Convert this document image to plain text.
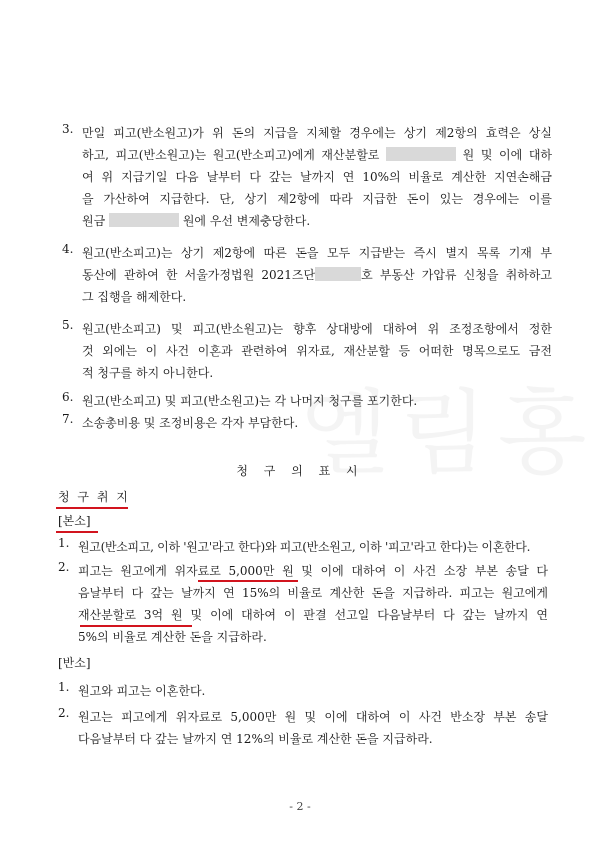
3. 만일 피고(반소원고)가 위 돈의 지급을 지체할 경우에는 상기 제2항의 효력은 상실
하고, 피고(반소원고)는 원고(반소피고)에게 재산분할로	원 및 이에 대하
여 위 지급기일 다음 날부터 다 갚는 날까지 연 10%의 비율로 계산한 지연손해금
을 가산하여 지급한다. 단, 상기 제2항에 따라 지급한 돈이 있는 경우에는 이를
원금	원에 우선 변제충당한다.
4. 원고(반소피고)는 상기 제2항에 따른 돈을 모두 지급받는 즉시 별지 목록 기재 부
동산에 관하여 한 서울가정법원 2021즈단	호 부동산 가압류 신청을 취하하고
그 집행을 해제한다.
5. 원고(반소피고) 및 피고(반소원고)는 향후 상대방에 대하여 위 조정조항에서 정한
것 외에는 이 사건 이혼과 관련하여 위자료, 재산분할 등 어떠한 명목으로도 금전
적 청구를 하지 아니한다.
6. 원고(반소피고) 및 피고(반소원고)는 각 나머지 청구를 포기한다.
7. 소송총비용 및 조정비용은 각자 부담한다.
청 구 의 표 시
청 구 취 지
[본소]
1. 원고(반소피고, 이하 '원고'라고 한다)와 피고(반소원고, 이하 '피고'라고 한다)는 이혼한다.
2. 피고는 원고에게 위자료로 5,000만 원 및 이에 대하여 이 사건 소장 부본 송달 다
음날부터 다 갚는 날까지 연 15%의 비율로 계산한 돈을 지급하라. 피고는 원고에게
재산분할로 3억 원 및 이에 대하여 이 판결 선고일 다음날부터 다 갚는 날까지 연
5%의 비율로 계산한 돈을 지급하라.
[반소]
1. 원고와 피고는 이혼한다.
2. 원고는 피고에게 위자료로 5,000만 원 및 이에 대하여 이 사건 반소장 부본 송달
다음날부터 다 갚는 날까지 연 12%의 비율로 계산한 돈을 지급하라.
- 2 -
